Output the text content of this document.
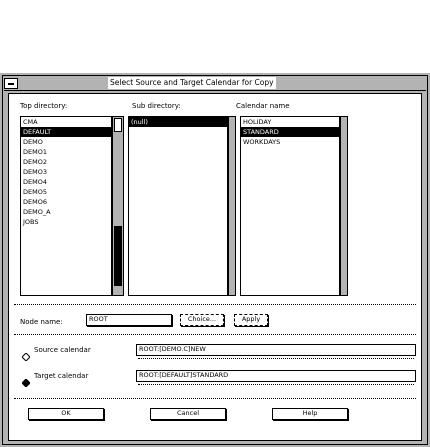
Select Source and Target Calendar for Copy
Top directory:	Sub directory:	Calendar name
CMA
DEFAULT
DEMO
DEMO1
DEMO2
DEMO3
DEMO4
DEMO5
DEMO6
DEMO_A
JOBS
(null)	HOLIDAY
STANDARD
WORKDAYS
Node name:	ROOT	Choice...	Apply
Source calendar	ROOT:[DEMO.C]NEW
Target calendar	ROOT:[DEFAULT]STANDARD
OK	Cancel	Help
